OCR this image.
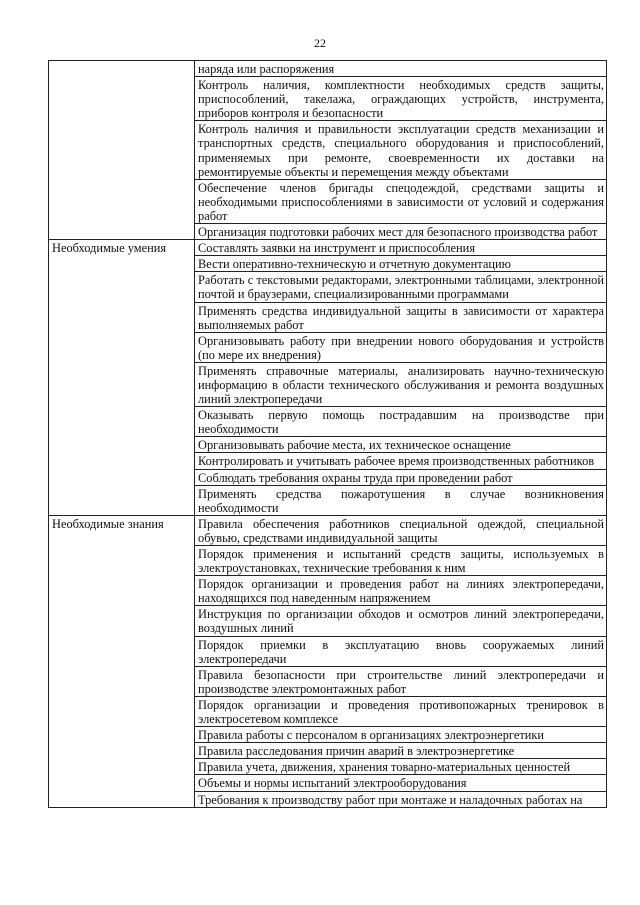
22
	наряда или распоряжения
	Контроль наличия, комплектности необходимых средств защиты, приспособлений, такелажа, ограждающих устройств, инструмента, приборов контроля и безопасности
	Контроль наличия и правильности эксплуатации средств механизации и транспортных средств, специального оборудования и приспособлений, применяемых при ремонте, своевременности их доставки на ремонтируемые объекты и перемещения между объектами
	Обеспечение членов бригады спецодеждой, средствами защиты и необходимыми приспособлениями в зависимости от условий и содержания работ
	Организация подготовки рабочих мест для безопасного производства работ
Необходимые умения	Составлять заявки на инструмент и приспособления
	Вести оперативно-техническую и отчетную документацию
	Работать с текстовыми редакторами, электронными таблицами, электронной почтой и браузерами, специализированными программами
	Применять средства индивидуальной защиты в зависимости от характера выполняемых работ
	Организовывать работу при внедрении нового оборудования и устройств (по мере их внедрения)
	Применять справочные материалы, анализировать научно-техническую информацию в области технического обслуживания и ремонта воздушных линий электропередачи
	Оказывать первую помощь пострадавшим на производстве при необходимости
	Организовывать рабочие места, их техническое оснащение
	Контролировать и учитывать рабочее время производственных работников
	Соблюдать требования охраны труда при проведении работ
	Применять средства пожаротушения в случае возникновения необходимости
Необходимые знания	Правила обеспечения работников специальной одеждой, специальной обувью, средствами индивидуальной защиты
	Порядок применения и испытаний средств защиты, используемых в электроустановках, технические требования к ним
	Порядок организации и проведения работ на линиях электропередачи, находящихся под наведенным напряжением
	Инструкция по организации обходов и осмотров линий электропередачи, воздушных линий
	Порядок приемки в эксплуатацию вновь сооружаемых линий электропередачи
	Правила безопасности при строительстве линий электропередачи и производстве электромонтажных работ
	Порядок организации и проведения противопожарных тренировок в электросетевом комплексе
	Правила работы с персоналом в организациях электроэнергетики
	Правила расследования причин аварий в электроэнергетике
	Правила учета, движения, хранения товарно-материальных ценностей
	Объемы и нормы испытаний электрооборудования
	Требования к производству работ при монтаже и наладочных работах на
